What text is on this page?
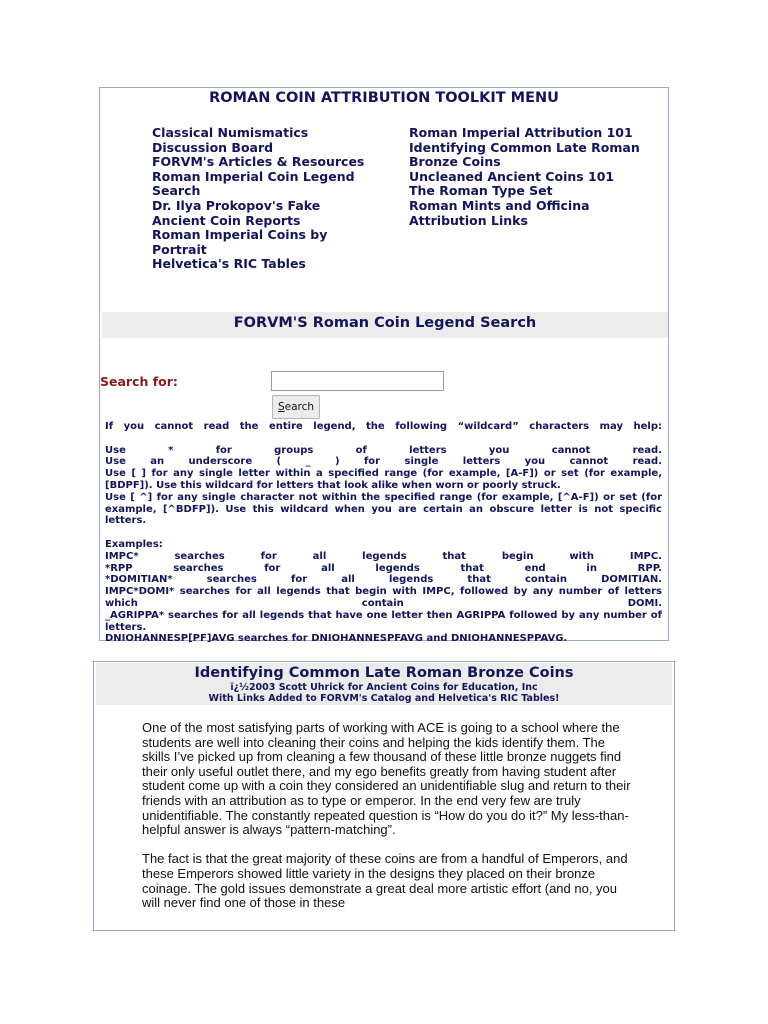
ROMAN COIN ATTRIBUTION TOOLKIT MENU
Classical Numismatics Discussion Board
FORVM's Articles & Resources
Roman Imperial Coin Legend Search
Dr. Ilya Prokopov's Fake Ancient Coin Reports
Roman Imperial Coins by Portrait
Helvetica's RIC Tables
Roman Imperial Attribution 101
Identifying Common Late Roman Bronze Coins
Uncleaned Ancient Coins 101
The Roman Type Set
Roman Mints and Officina
Attribution Links
FORVM'S Roman Coin Legend Search
Search for:
Search

If you cannot read the entire legend, the following “wildcard” characters may help:

Use * for groups of letters you cannot read.

Use an underscore ( _ ) for single letters you cannot read.

Use [ ] for any single letter within a specified range (for example, [A-F]) or set (for example, [BDPF]). Use this wildcard for letters that look alike when worn or poorly struck.

Use [ ^] for any single character not within the specified range (for example, [^A-F]) or set (for example, [^BDFP]). Use this wildcard when you are certain an obscure letter is not specific letters.

Examples:

IMPC* searches for all legends that begin with IMPC.

*RPP searches for all legends that end in RPP.

*DOMITIAN* searches for all legends that contain DOMITIAN.

IMPC*DOMI* searches for all legends that begin with IMPC, followed by any number of letters which contain DOMI.

_AGRIPPA* searches for all legends that have one letter then AGRIPPA followed by any number of letters.

DNIOHANNESP[PF]AVG searches for DNIOHANNESPFAVG and DNIOHANNESPPAVG.

Identifying Common Late Roman Bronze Coins
ï¿½2003 Scott Uhrick for Ancient Coins for Education, Inc
With Links Added to FORVM's Catalog and Helvetica's RIC Tables!

One of the most satisfying parts of working with ACE is going to a school where the students are well into cleaning their coins and helping the kids identify them. The skills I’ve picked up from cleaning a few thousand of these little bronze nuggets find their only useful outlet there, and my ego benefits greatly from having student after student come up with a coin they considered an unidentifiable slug and return to their friends with an attribution as to type or emperor. In the end very few are truly unidentifiable. The constantly repeated question is “How do you do it?” My less-than-helpful answer is always “pattern-matching”.

The fact is that the great majority of these coins are from a handful of Emperors, and these Emperors showed little variety in the designs they placed on their bronze coinage. The gold issues demonstrate a great deal more artistic effort (and no, you will never find one of those in these
